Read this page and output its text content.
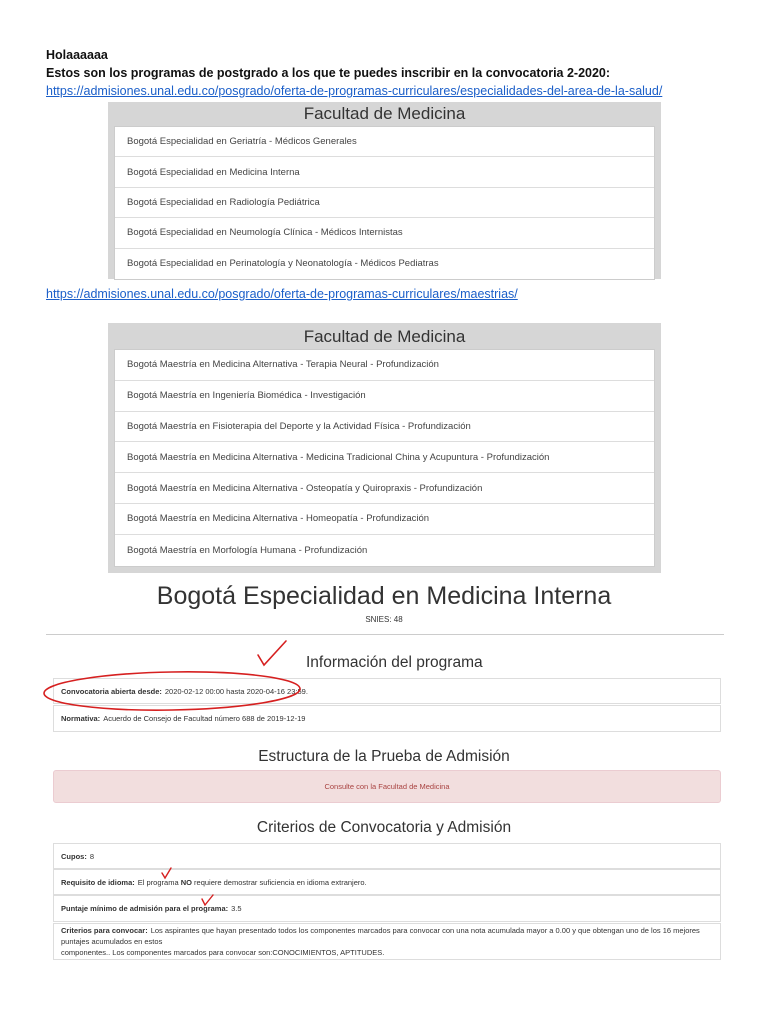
Holaaaaaa
Estos son los programas de postgrado a los que te puedes inscribir en la convocatoria 2-2020:
https://admisiones.unal.edu.co/posgrado/oferta-de-programas-curriculares/especialidades-del-area-de-la-salud/
Facultad de Medicina
Bogotá Especialidad en Geriatría - Médicos Generales
Bogotá Especialidad en Medicina Interna
Bogotá Especialidad en Radiología Pediátrica
Bogotá Especialidad en Neumología Clínica - Médicos Internistas
Bogotá Especialidad en Perinatología y Neonatología - Médicos Pediatras
https://admisiones.unal.edu.co/posgrado/oferta-de-programas-curriculares/maestrias/
Facultad de Medicina
Bogotá Maestría en Medicina Alternativa - Terapia Neural - Profundización
Bogotá Maestría en Ingeniería Biomédica - Investigación
Bogotá Maestría en Fisioterapia del Deporte y la Actividad Física - Profundización
Bogotá Maestría en Medicina Alternativa - Medicina Tradicional China y Acupuntura - Profundización
Bogotá Maestría en Medicina Alternativa - Osteopatía y Quiropraxis - Profundización
Bogotá Maestría en Medicina Alternativa - Homeopatía - Profundización
Bogotá Maestría en Morfología Humana - Profundización
Bogotá Especialidad en Medicina Interna
SNIES: 48
Información del programa
Convocatoria abierta desde: 2020-02-12 00:00 hasta 2020-04-16 23:59.
Normativa: Acuerdo de Consejo de Facultad número 688 de 2019-12-19
Estructura de la Prueba de Admisión
Consulte con la Facultad de Medicina
Criterios de Convocatoria y Admisión
Cupos: 8
Requisito de idioma: El programa NO requiere demostrar suficiencia en idioma extranjero.
Puntaje mínimo de admisión para el programa: 3.5
Criterios para convocar: Los aspirantes que hayan presentado todos los componentes marcados para convocar con una nota acumulada mayor a 0.00 y que obtengan uno de los 16 mejores puntajes acumulados en estos
componentes.. Los componentes marcados para convocar son:CONOCIMIENTOS, APTITUDES.
